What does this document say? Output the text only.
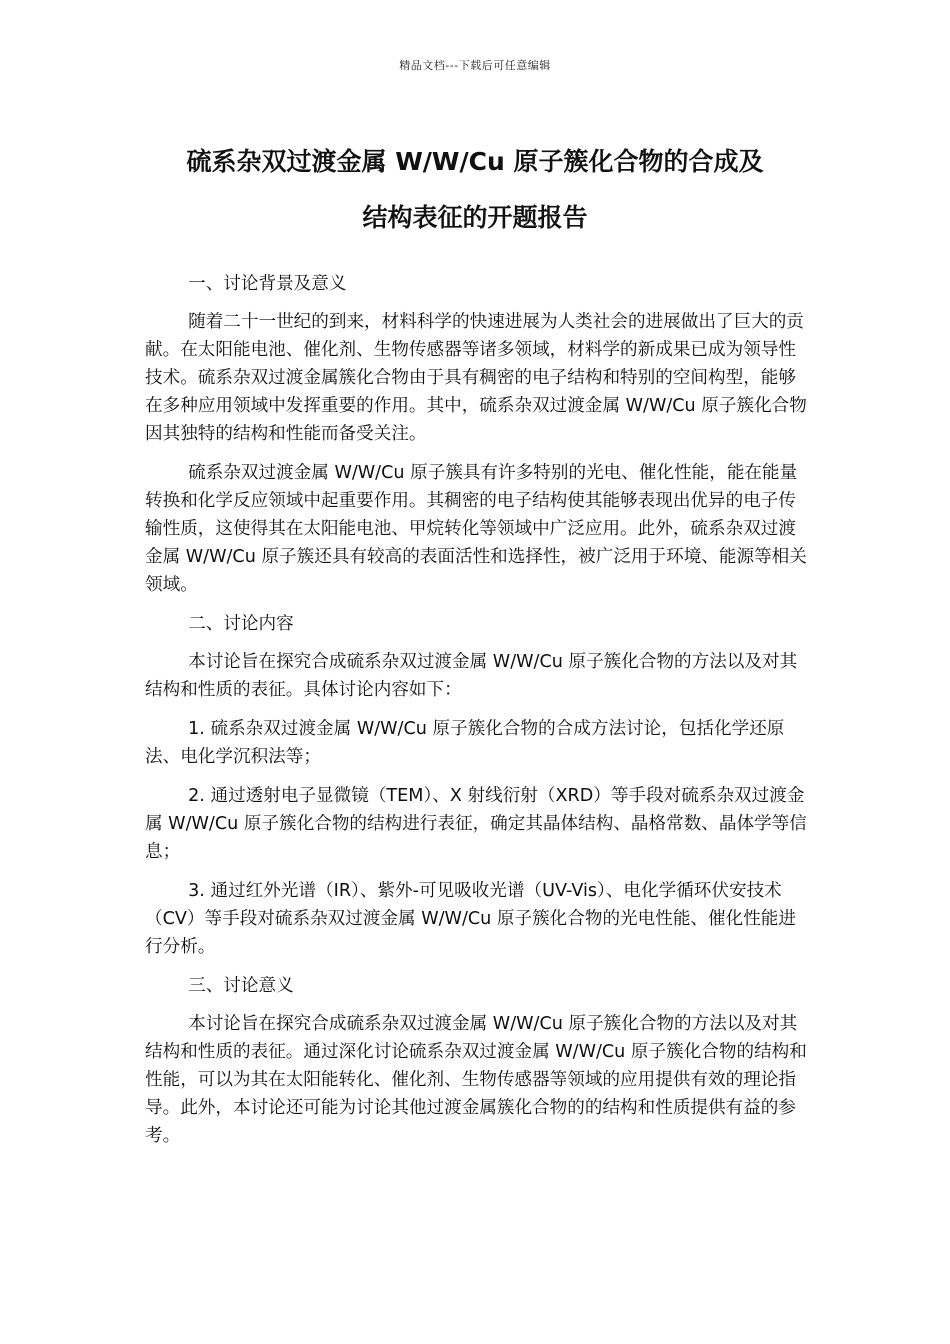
精品文档---下载后可任意编辑
硫系杂双过渡金属 W/W/Cu 原子簇化合物的合成及
结构表征的开题报告

一、讨论背景及意义

随着二十一世纪的到来，材料科学的快速进展为人类社会的进展做出了巨大的贡献。在太阳能电池、催化剂、生物传感器等诸多领域，材料学的新成果已成为领导性技术。硫系杂双过渡金属簇化合物由于具有稠密的电子结构和特别的空间构型，能够在多种应用领域中发挥重要的作用。其中，硫系杂双过渡金属 W/W/Cu 原子簇化合物因其独特的结构和性能而备受关注。

硫系杂双过渡金属 W/W/Cu 原子簇具有许多特别的光电、催化性能，能在能量转换和化学反应领域中起重要作用。其稠密的电子结构使其能够表现出优异的电子传输性质，这使得其在太阳能电池、甲烷转化等领域中广泛应用。此外，硫系杂双过渡金属 W/W/Cu 原子簇还具有较高的表面活性和选择性，被广泛用于环境、能源等相关领域。

二、讨论内容

本讨论旨在探究合成硫系杂双过渡金属 W/W/Cu 原子簇化合物的方法以及对其结构和性质的表征。具体讨论内容如下：

1. 硫系杂双过渡金属 W/W/Cu 原子簇化合物的合成方法讨论，包括化学还原法、电化学沉积法等；

2. 通过透射电子显微镜（TEM）、X 射线衍射（XRD）等手段对硫系杂双过渡金属 W/W/Cu 原子簇化合物的结构进行表征，确定其晶体结构、晶格常数、晶体学等信息；

3. 通过红外光谱（IR）、紫外-可见吸收光谱（UV-Vis）、电化学循环伏安技术（CV）等手段对硫系杂双过渡金属 W/W/Cu 原子簇化合物的光电性能、催化性能进行分析。

三、讨论意义

本讨论旨在探究合成硫系杂双过渡金属 W/W/Cu 原子簇化合物的方法以及对其结构和性质的表征。通过深化讨论硫系杂双过渡金属 W/W/Cu 原子簇化合物的结构和性能，可以为其在太阳能转化、催化剂、生物传感器等领域的应用提供有效的理论指导。此外，本讨论还可能为讨论其他过渡金属簇化合物的的结构和性质提供有益的参考。
